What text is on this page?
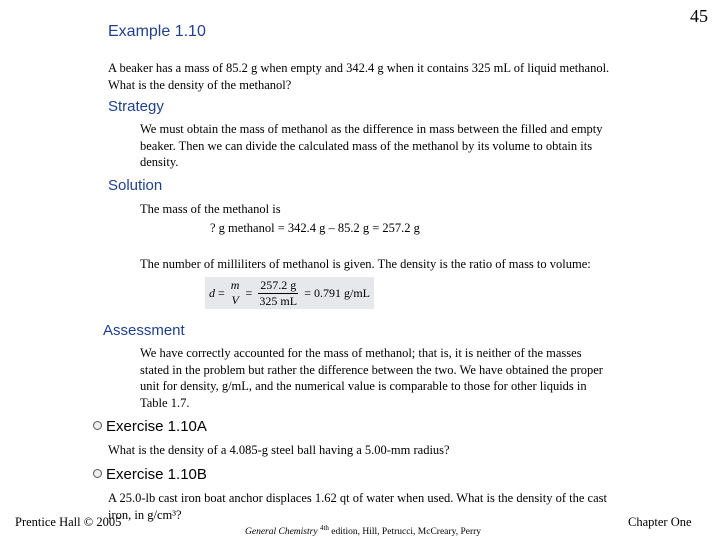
45
Example 1.10
A beaker has a mass of 85.2 g when empty and 342.4 g when it contains 325 mL of liquid methanol. What is the density of the methanol?
Strategy
We must obtain the mass of methanol as the difference in mass between the filled and empty beaker. Then we can divide the calculated mass of the methanol by its volume to obtain its density.
Solution
The mass of the methanol is
? g methanol = 342.4 g – 85.2 g = 257.2 g
The number of milliliters of methanol is given. The density is the ratio of mass to volume:
d =
m
V
= $\frac{257.2 g}{325 mL} = 0.791$ g/mL
Assessment
We have correctly accounted for the mass of methanol; that is, it is neither of the masses stated in the problem but rather the difference between the two. We have obtained the proper unit for density, g/mL, and the numerical value is comparable to those for other liquids in Table 1.7.
Exercise 1.10A
What is the density of a 4.085-g steel ball having a 5.00-mm radius?
Exercise 1.10B
A 25.0-lb cast iron boat anchor displaces 1.62 qt of water when used. What is the density of the cast iron, in g/cm³?
Prentice Hall © 2005
General Chemistry $^{4th}$ edition, Hill, Petrucci, McCreary, Perry
Chapter One
